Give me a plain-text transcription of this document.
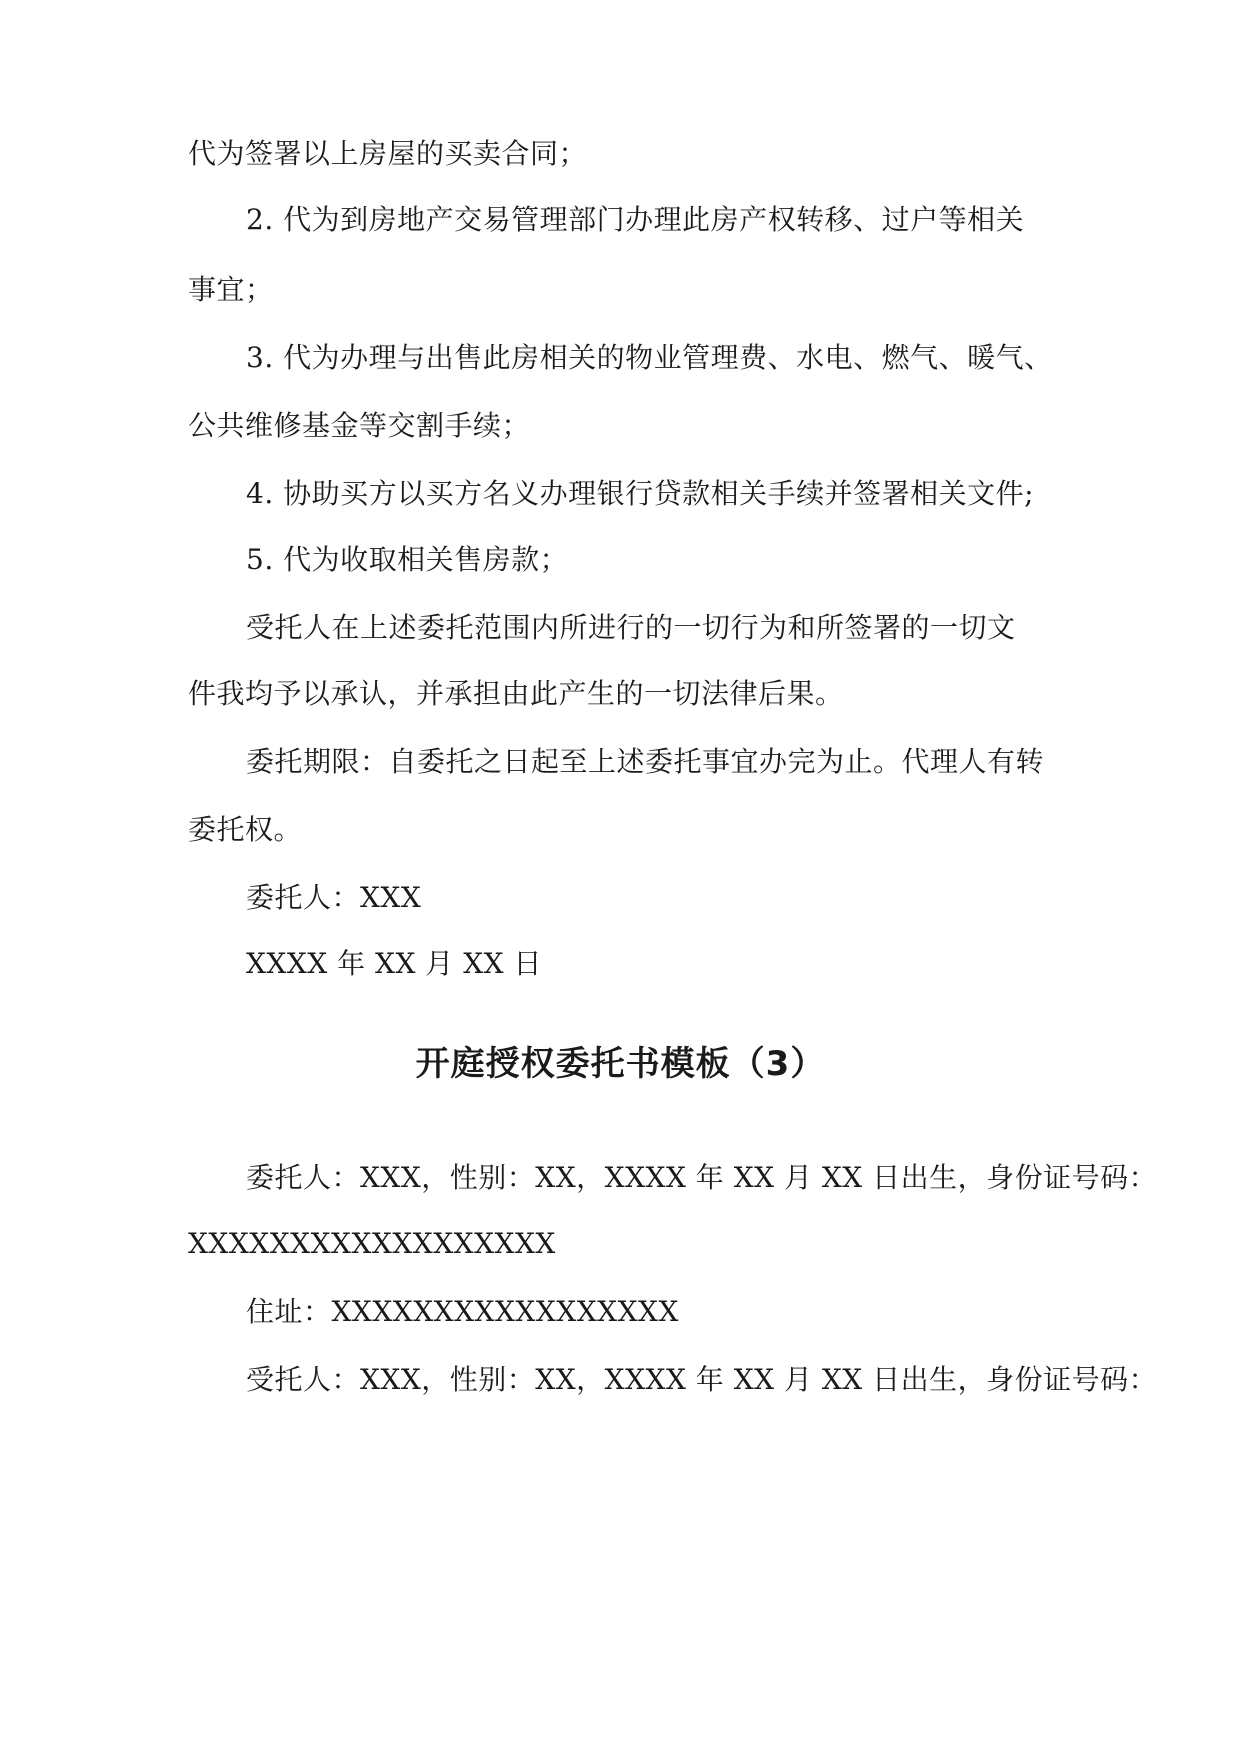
代为签署以上房屋的买卖合同；
2. 代为到房地产交易管理部门办理此房产权转移、过户等相关
事宜；
3. 代为办理与出售此房相关的物业管理费、水电、燃气、暖气、
公共维修基金等交割手续；
4. 协助买方以买方名义办理银行贷款相关手续并签署相关文件;
5. 代为收取相关售房款；
受托人在上述委托范围内所进行的一切行为和所签署的一切文
件我均予以承认，并承担由此产生的一切法律后果。
委托期限：自委托之日起至上述委托事宜办完为止。代理人有转
委托权。
委托人：XXX
XXXX 年 XX 月 XX 日
开庭授权委托书模板（3）
委托人：XXX，性别：XX，XXXX 年 XX 月 XX 日出生，身份证号码：
XXXXXXXXXXXXXXXXXX
住址：XXXXXXXXXXXXXXXXX
受托人：XXX，性别：XX，XXXX 年 XX 月 XX 日出生，身份证号码：
